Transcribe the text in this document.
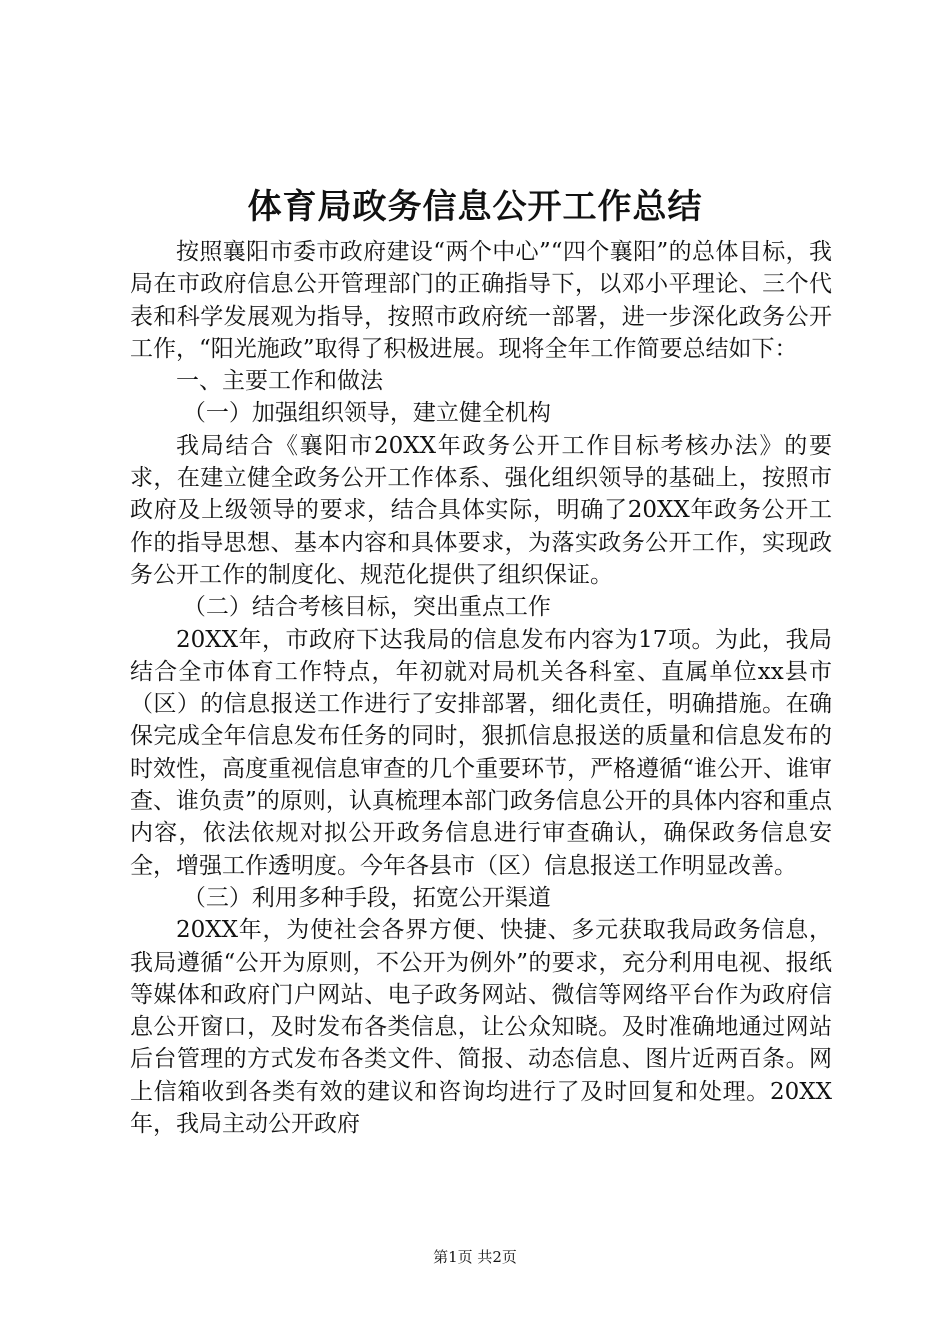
体育局政务信息公开工作总结

按照襄阳市委市政府建设“两个中心”“四个襄阳”的总体目标，我局在市政府信息公开管理部门的正确指导下，以邓小平理论、三个代表和科学发展观为指导，按照市政府统一部署，进一步深化政务公开工作，“阳光施政”取得了积极进展。现将全年工作简要总结如下：

一、主要工作和做法

（一）加强组织领导，建立健全机构

我局结合《襄阳市20XX年政务公开工作目标考核办法》的要求，在建立健全政务公开工作体系、强化组织领导的基础上，按照市政府及上级领导的要求，结合具体实际，明确了20XX年政务公开工作的指导思想、基本内容和具体要求，为落实政务公开工作，实现政务公开工作的制度化、规范化提供了组织保证。

（二）结合考核目标，突出重点工作

20XX年，市政府下达我局的信息发布内容为17项。为此，我局结合全市体育工作特点，年初就对局机关各科室、直属单位xx县市（区）的信息报送工作进行了安排部署，细化责任，明确措施。在确保完成全年信息发布任务的同时，狠抓信息报送的质量和信息发布的时效性，高度重视信息审查的几个重要环节，严格遵循“谁公开、谁审查、谁负责”的原则，认真梳理本部门政务信息公开的具体内容和重点内容，依法依规对拟公开政务信息进行审查确认，确保政务信息安全，增强工作透明度。今年各县市（区）信息报送工作明显改善。

（三）利用多种手段，拓宽公开渠道

20XX年，为使社会各界方便、快捷、多元获取我局政务信息，我局遵循“公开为原则，不公开为例外”的要求，充分利用电视、报纸等媒体和政府门户网站、电子政务网站、微信等网络平台作为政府信息公开窗口，及时发布各类信息，让公众知晓。及时准确地通过网站后台管理的方式发布各类文件、简报、动态信息、图片近两百条。网上信箱收到各类有效的建议和咨询均进行了及时回复和处理。20XX年，我局主动公开政府

第1页 共2页
